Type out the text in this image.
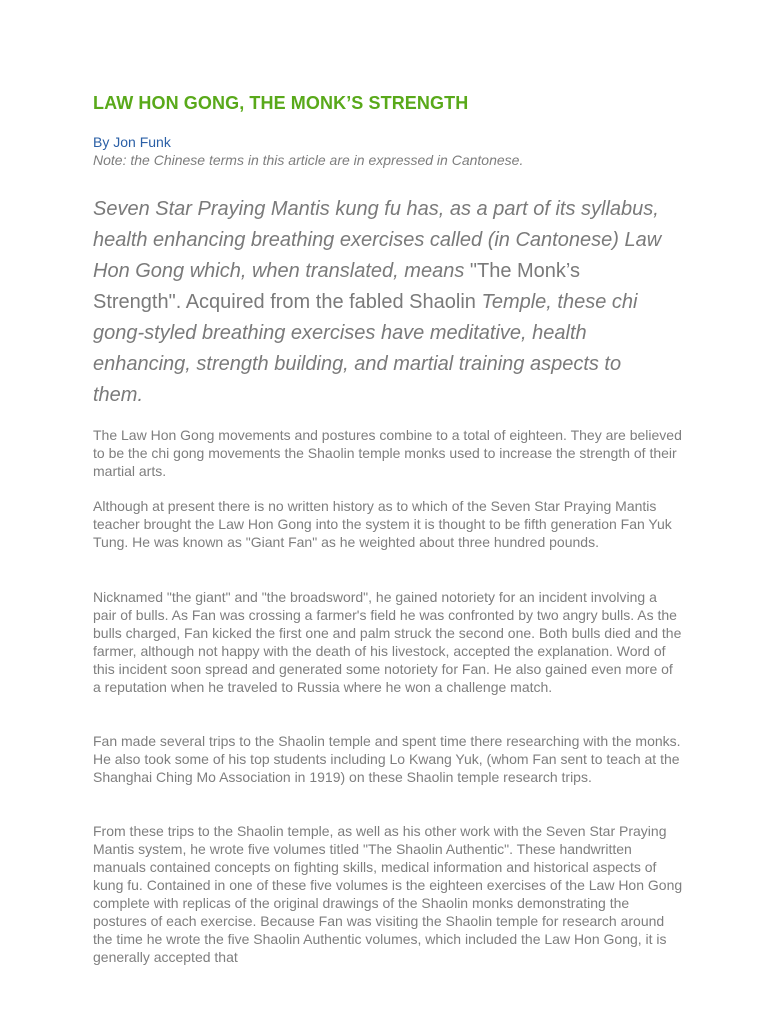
LAW HON GONG, THE MONK’S STRENGTH

By Jon Funk

Note: the Chinese terms in this article are in expressed in Cantonese.

Seven Star Praying Mantis kung fu has, as a part of its syllabus, health enhancing breathing exercises called (in Cantonese) Law Hon Gong which, when translated, means "The Monk’s Strength". Acquired from the fabled Shaolin Temple, these chi gong-styled breathing exercises have meditative, health enhancing, strength building, and martial training aspects to them.

The Law Hon Gong movements and postures combine to a total of eighteen. They are believed to be the chi gong movements the Shaolin temple monks used to increase the strength of their martial arts.

Although at present there is no written history as to which of the Seven Star Praying Mantis teacher brought the Law Hon Gong into the system it is thought to be fifth generation Fan Yuk Tung. He was known as "Giant Fan" as he weighted about three hundred pounds.

Nicknamed "the giant" and "the broadsword", he gained notoriety for an incident involving a pair of bulls. As Fan was crossing a farmer's field he was confronted by two angry bulls. As the bulls charged, Fan kicked the first one and palm struck the second one. Both bulls died and the farmer, although not happy with the death of his livestock, accepted the explanation. Word of this incident soon spread and generated some notoriety for Fan. He also gained even more of a reputation when he traveled to Russia where he won a challenge match.

Fan made several trips to the Shaolin temple and spent time there researching with the monks. He also took some of his top students including Lo Kwang Yuk, (whom Fan sent to teach at the Shanghai Ching Mo Association in 1919) on these Shaolin temple research trips.

From these trips to the Shaolin temple, as well as his other work with the Seven Star Praying Mantis system, he wrote five volumes titled "The Shaolin Authentic". These handwritten manuals contained concepts on fighting skills, medical information and historical aspects of kung fu. Contained in one of these five volumes is the eighteen exercises of the Law Hon Gong complete with replicas of the original drawings of the Shaolin monks demonstrating the postures of each exercise. Because Fan was visiting the Shaolin temple for research around the time he wrote the five Shaolin Authentic volumes, which included the Law Hon Gong, it is generally accepted that
